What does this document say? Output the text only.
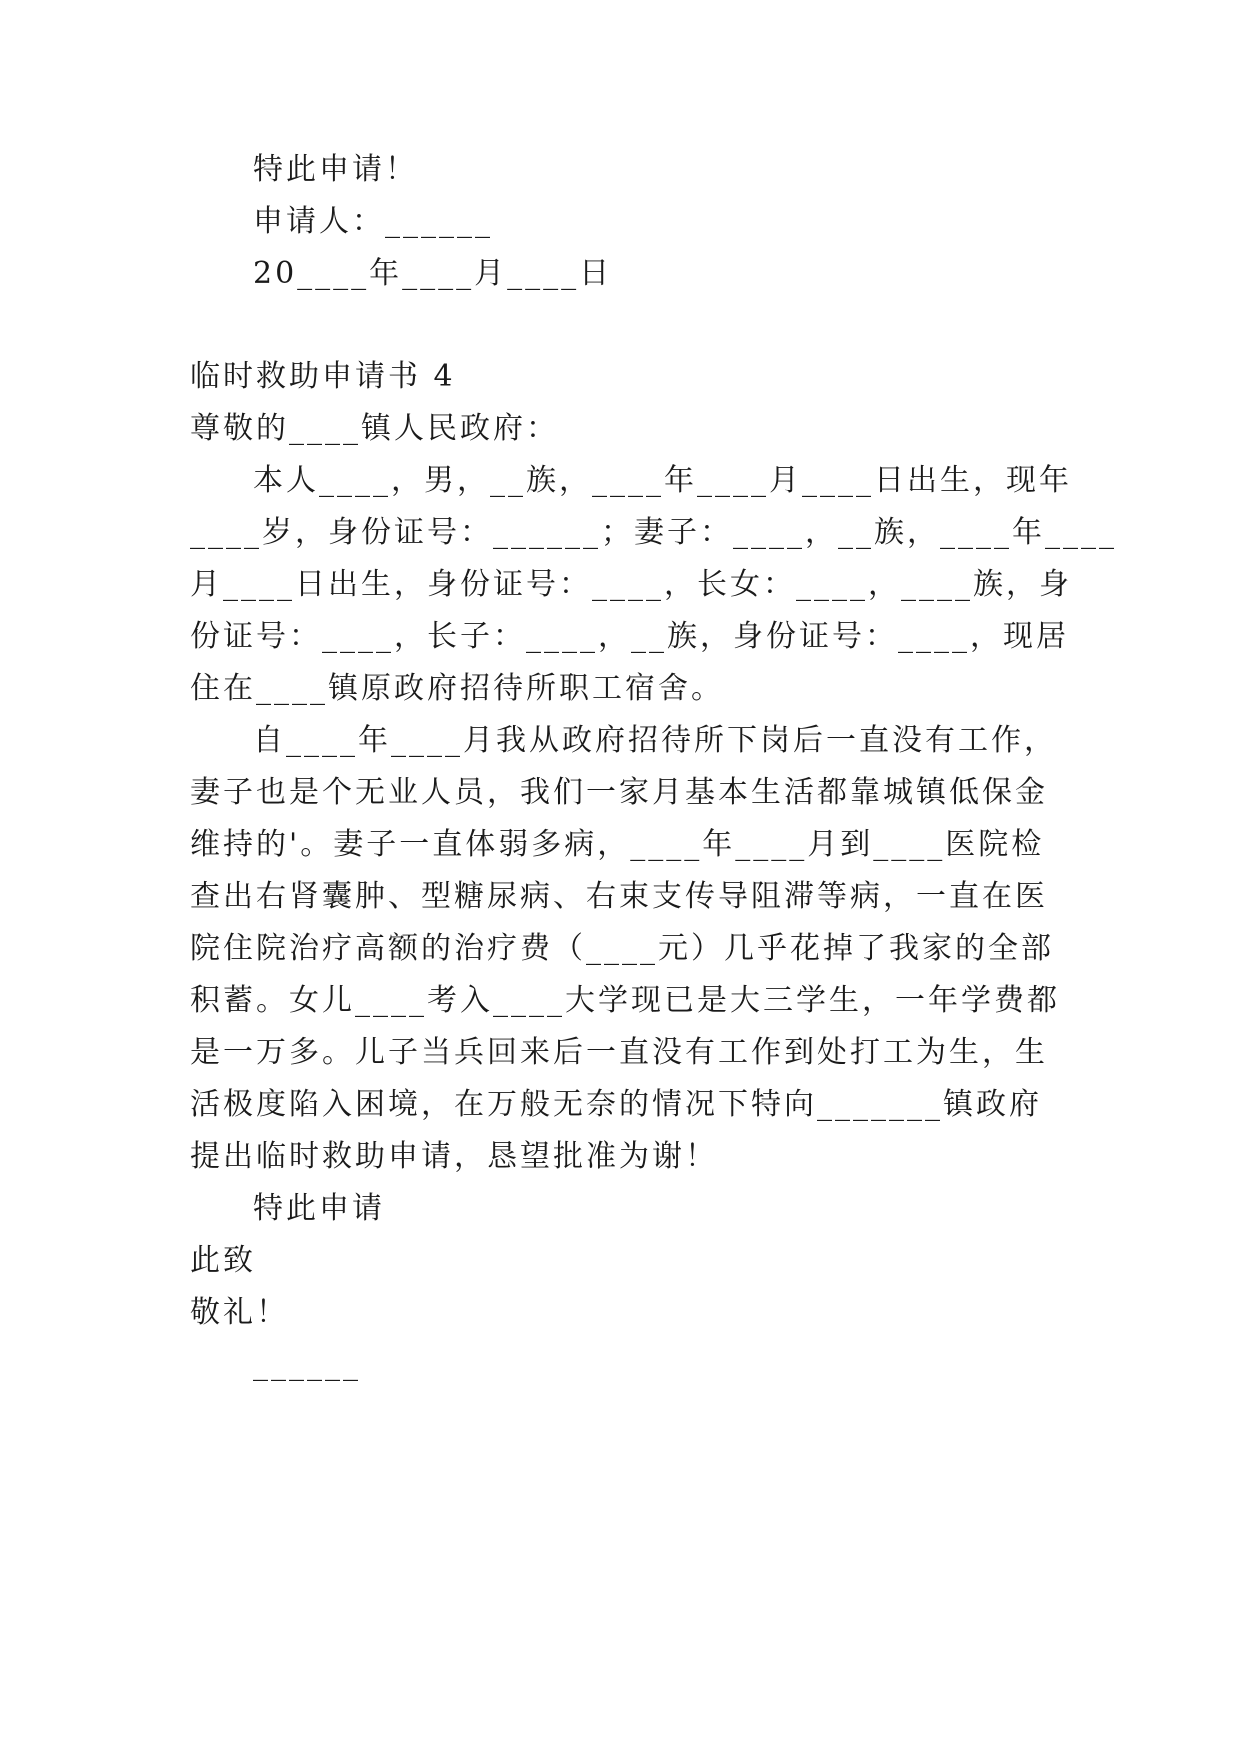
特此申请！
申请人：______
20____年____月____日
临时救助申请书 4
尊敬的____镇人民政府：
本人____，男，__族，____年____月____日出生，现年
____岁，身份证号：______；妻子：____，__族，____年____
月____日出生，身份证号：____，长女：____，____族，身
份证号：____，长子：____，__族，身份证号：____，现居
住在____镇原政府招待所职工宿舍。
自____年____月我从政府招待所下岗后一直没有工作，
妻子也是个无业人员，我们一家月基本生活都靠城镇低保金
维持的'。妻子一直体弱多病，____年____月到____医院检
查出右肾囊肿、型糖尿病、右束支传导阻滞等病，一直在医
院住院治疗高额的治疗费（____元）几乎花掉了我家的全部
积蓄。女儿____考入____大学现已是大三学生，一年学费都
是一万多。儿子当兵回来后一直没有工作到处打工为生，生
活极度陷入困境，在万般无奈的情况下特向_______镇政府
提出临时救助申请，恳望批准为谢！
特此申请
此致
敬礼！
______
